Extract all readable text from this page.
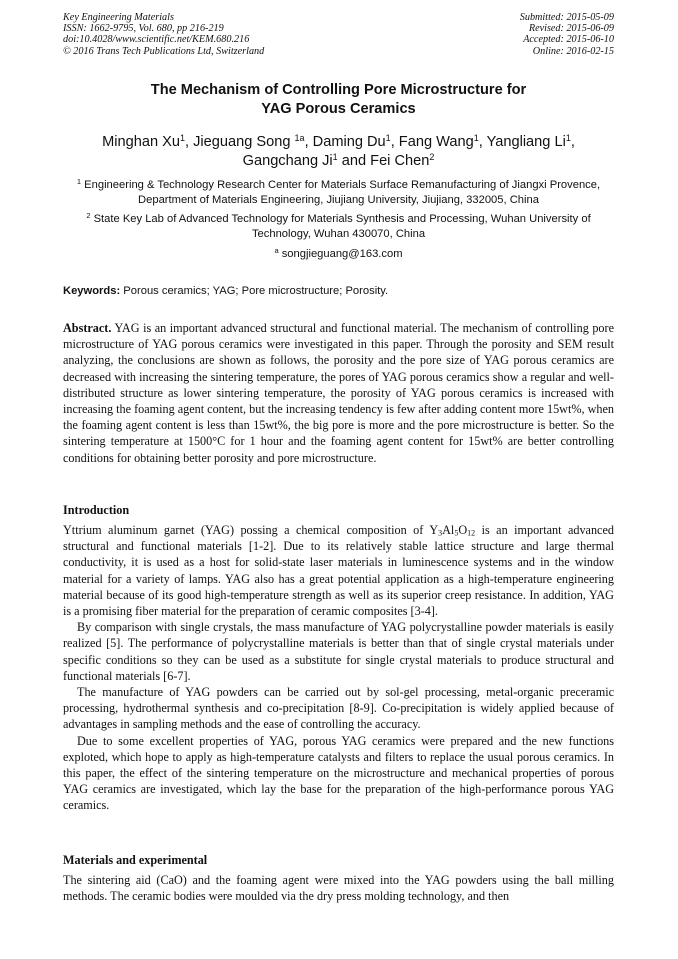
Key Engineering Materials
ISSN: 1662-9795, Vol. 680, pp 216-219
doi:10.4028/www.scientific.net/KEM.680.216
© 2016 Trans Tech Publications Ltd, Switzerland
Submitted: 2015-05-09
Revised: 2015-06-09
Accepted: 2015-06-10
Online: 2016-02-15
The Mechanism of Controlling Pore Microstructure for
YAG Porous Ceramics
Minghan Xu$^1$, Jieguang Song $^{1a}$, Daming Du$^1$, Fang Wang$^1$, Yangliang Li$^1$,
Gangchang Ji$^1$ and Fei Chen$^2$
$^1$ Engineering & Technology Research Center for Materials Surface Remanufacturing of Jiangxi Provence, Department of Materials Engineering, Jiujiang University, Jiujiang, 332005, China
$^2$ State Key Lab of Advanced Technology for Materials Synthesis and Processing, Wuhan University of Technology, Wuhan 430070, China
$^a$ songjieguang@163.com
Keywords: Porous ceramics; YAG; Pore microstructure; Porosity.
Abstract. YAG is an important advanced structural and functional material. The mechanism of controlling pore microstructure of YAG porous ceramics were investigated in this paper. Through the porosity and SEM result analyzing, the conclusions are shown as follows, the porosity and the pore size of YAG porous ceramics are decreased with increasing the sintering temperature, the pores of YAG porous ceramics show a regular and well-distributed structure as lower sintering temperature, the porosity of YAG porous ceramics is increased with increasing the foaming agent content, but the increasing tendency is few after adding content more 15wt%, when the foaming agent content is less than 15wt%, the big pore is more and the pore microstructure is better. So the sintering temperature at 1500°C for 1 hour and the foaming agent content for 15wt% are better controlling conditions for obtaining better porosity and pore microstructure.
Introduction

Yttrium aluminum garnet (YAG) possing a chemical composition of $Y_3Al_5O_{12}$ is an important advanced structural and functional materials [1-2]. Due to its relatively stable lattice structure and large thermal conductivity, it is used as a host for solid-state laser materials in luminescence systems and in the window material for a variety of lamps. YAG also has a great potential application as a high-temperature engineering material because of its good high-temperature strength as well as its superior creep resistance. In addition, YAG is a promising fiber material for the preparation of ceramic composites [3-4].

By comparison with single crystals, the mass manufacture of YAG polycrystalline powder materials is easily realized [5]. The performance of polycrystalline materials is better than that of single crystal materials under specific conditions so they can be used as a substitute for single crystal materials to produce structural and functional materials [6-7].

The manufacture of YAG powders can be carried out by sol-gel processing, metal-organic preceramic processing, hydrothermal synthesis and co-precipitation [8-9]. Co-precipitation is widely applied because of advantages in sampling methods and the ease of controlling the accuracy.

Due to some excellent properties of YAG, porous YAG ceramics were prepared and the new functions exploted, which hope to apply as high-temperature catalysts and filters to replace the usual porous ceramics. In this paper, the effect of the sintering temperature on the microstructure and mechanical properties of porous YAG ceramics are investigated, which lay the base for the preparation of the high-performance porous YAG ceramics.

Materials and experimental

The sintering aid (CaO) and the foaming agent were mixed into the YAG powders using the ball milling methods. The ceramic bodies were moulded via the dry press molding technology, and then
